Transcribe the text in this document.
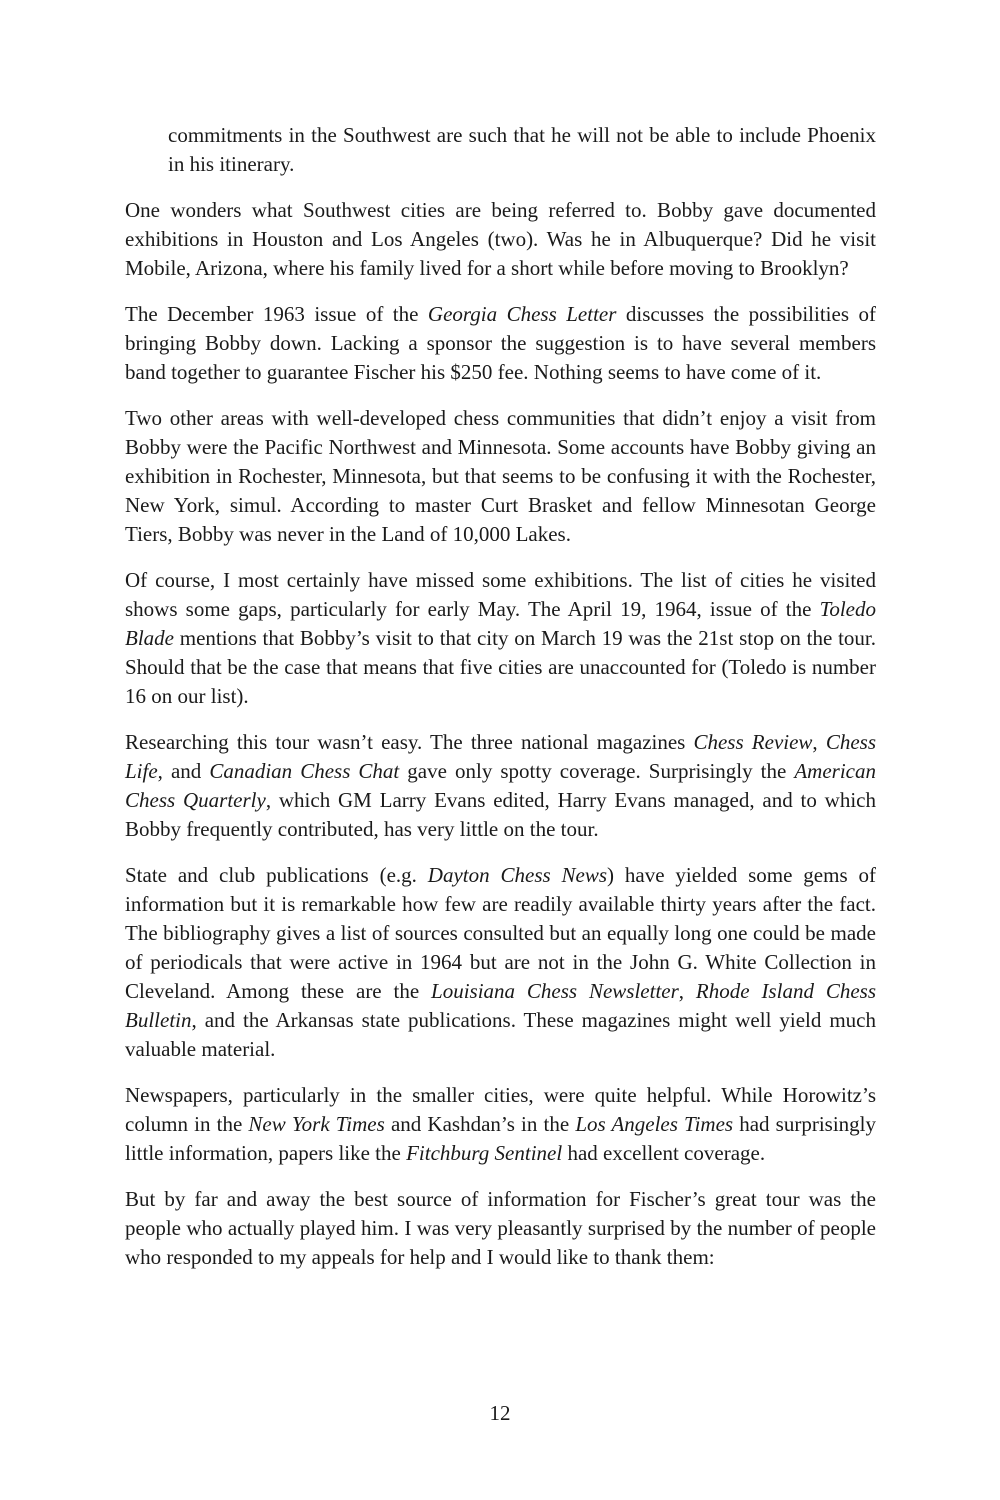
commitments in the Southwest are such that he will not be able to include Phoenix in his itinerary.

One wonders what Southwest cities are being referred to. Bobby gave documented exhibitions in Houston and Los Angeles (two). Was he in Albuquerque? Did he visit Mobile, Arizona, where his family lived for a short while before moving to Brooklyn?

The December 1963 issue of the Georgia Chess Letter discusses the possibilities of bringing Bobby down. Lacking a sponsor the suggestion is to have several members band together to guarantee Fischer his $250 fee. Nothing seems to have come of it.

Two other areas with well-developed chess communities that didn’t enjoy a visit from Bobby were the Pacific Northwest and Minnesota. Some accounts have Bobby giving an exhibition in Rochester, Minnesota, but that seems to be confusing it with the Rochester, New York, simul. According to master Curt Brasket and fellow Minnesotan George Tiers, Bobby was never in the Land of 10,000 Lakes.

Of course, I most certainly have missed some exhibitions. The list of cities he visited shows some gaps, particularly for early May. The April 19, 1964, issue of the Toledo Blade mentions that Bobby’s visit to that city on March 19 was the 21st stop on the tour. Should that be the case that means that five cities are unaccounted for (Toledo is number 16 on our list).

Researching this tour wasn’t easy. The three national magazines Chess Review, Chess Life, and Canadian Chess Chat gave only spotty coverage. Surprisingly the American Chess Quarterly, which GM Larry Evans edited, Harry Evans managed, and to which Bobby frequently contributed, has very little on the tour.

State and club publications (e.g. Dayton Chess News) have yielded some gems of information but it is remarkable how few are readily available thirty years after the fact. The bibliography gives a list of sources consulted but an equally long one could be made of periodicals that were active in 1964 but are not in the John G. White Collection in Cleveland. Among these are the Louisiana Chess Newsletter, Rhode Island Chess Bulletin, and the Arkansas state publications. These magazines might well yield much valuable material.

Newspapers, particularly in the smaller cities, were quite helpful. While Horowitz’s column in the New York Times and Kashdan’s in the Los Angeles Times had surprisingly little information, papers like the Fitchburg Sentinel had excellent coverage.

But by far and away the best source of information for Fischer’s great tour was the people who actually played him. I was very pleasantly surprised by the number of people who responded to my appeals for help and I would like to thank them:

12
